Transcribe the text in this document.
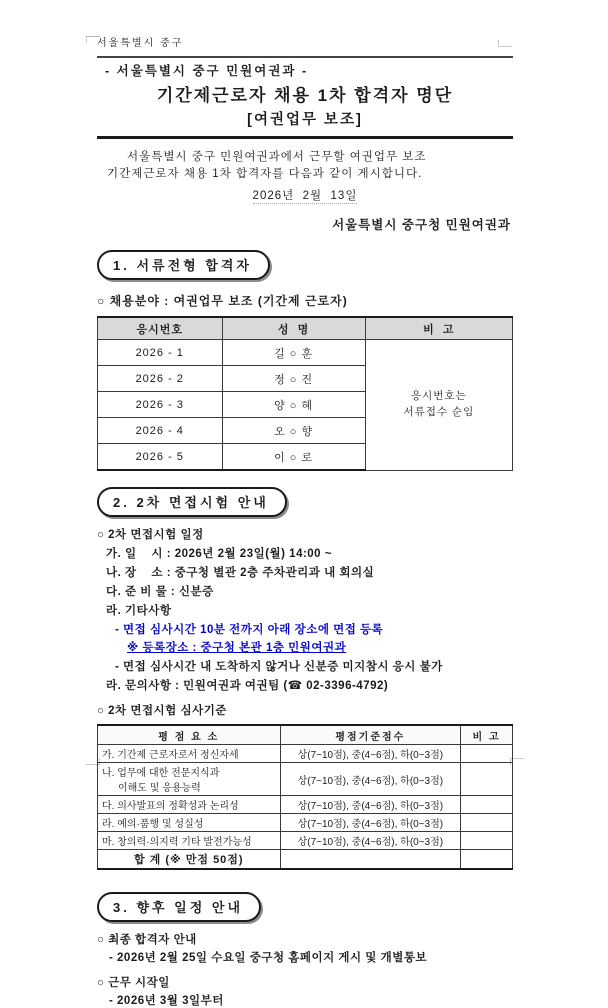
서울특별시 중구
- 서울특별시 중구 민원여권과 -
기간제근로자 채용 1차 합격자 명단
[여권업무 보조]
서울특별시 중구 민원여권과에서 근무할 여권업무 보조
기간제근로자 채용 1차 합격자를 다음과 같이 게시합니다.
2026년  2월  13일
서울특별시 중구청 민원여권과
1. 서류전형 합격자
○ 채용분야 : 여권업무 보조 (기간제 근로자)
응시번호	성  명	비  고
2026 - 1	길 ○ 훈	응시번호는
서류접수 순임
2026 - 2	정 ○ 진	
2026 - 3	양 ○ 혜	
2026 - 4	오 ○ 향	
2026 - 5	이 ○ 로	
2. 2차 면접시험 안내
○ 2차 면접시험 일정
가. 일    시 : 2026년 2월 23일(월) 14:00 ~
나. 장    소 : 중구청 별관 2층 주차관리과 내 회의실
다. 준 비 물 : 신분증
라. 기타사항
- 면접 심사시간 10분 전까지 아래 장소에 면접 등록
※ 등록장소 : 중구청 본관 1층 민원여권과
- 면접 심사시간 내 도착하지 않거나 신분증 미지참시 응시 불가
라. 문의사항 : 민원여권과 여권팀 (☎ 02-3396-4792)
○ 2차 면접시험 심사기준
평 점 요 소	평점기준점수	비 고
가. 기간제 근로자로서 정신자세	상(7~10점), 중(4~6점), 하(0~3점)	
나. 업무에 대한 전문지식과
이해도 및 응용능력	상(7~10점), 중(4~6점), 하(0~3점)	
다. 의사발표의 정확성과 논리성	상(7~10점), 중(4~6점), 하(0~3점)	
라. 예의·품행 및 성실성	상(7~10점), 중(4~6점), 하(0~3점)	
마. 창의력·의지력 기타 발전가능성	상(7~10점), 중(4~6점), 하(0~3점)	
합 계 (※ 만점 50점)		
3. 향후 일정 안내
○ 최종 합격자 안내
- 2026년 2월 25일 수요일 중구청 홈페이지 게시 및 개별통보
○ 근무 시작일
- 2026년 3월 3일부터
